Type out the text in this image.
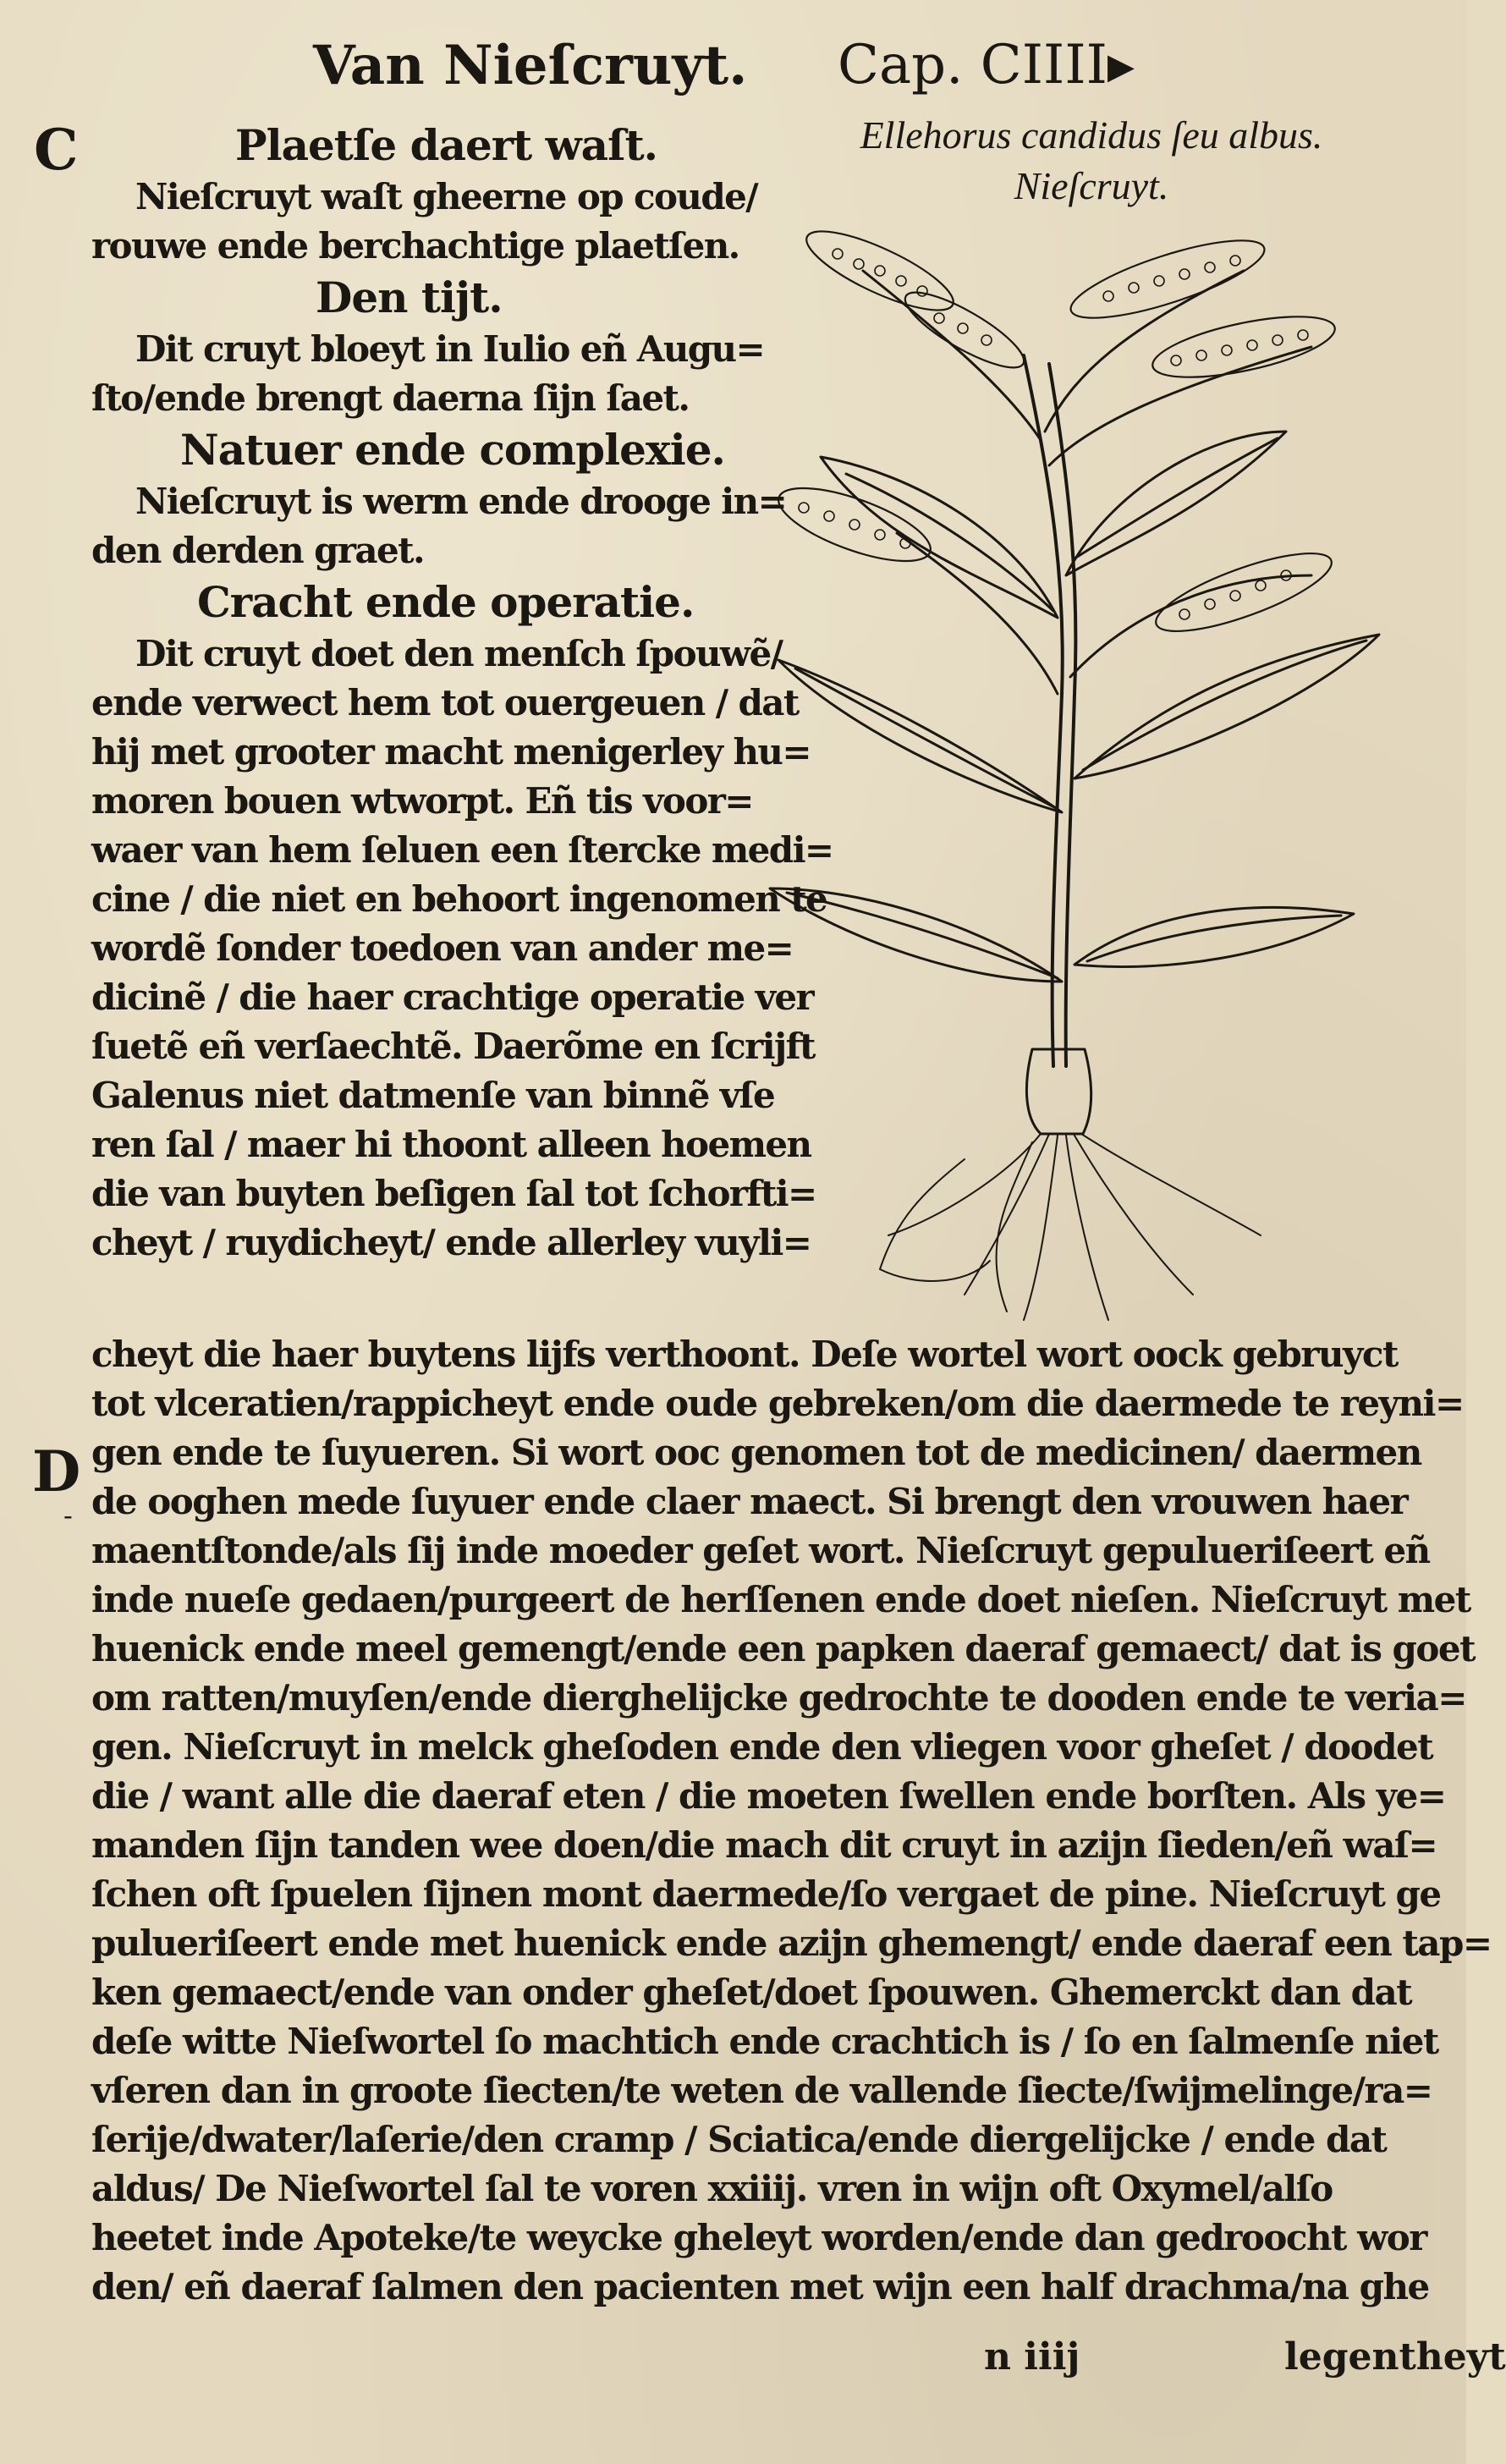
Van Nieſcruyt. Cap. CIIII▸
C
D
-
Ellehorus candidus ſeu albus.
Nieſcruyt.
Plaetſe daert waſt.
Nieſcruyt waſt gheerne op coude/
rouwe ende berchachtige plaetſen.
Den tijt.
Dit cruyt bloeyt in Iulio eñ Augu=
ſto/ende brengt daerna ſijn ſaet.
Natuer ende complexie.
Nieſcruyt is werm ende drooge in=
den derden graet.
Cracht ende operatie.
Dit cruyt doet den menſch ſpouwẽ/
ende verwect hem tot ouergeuen / dat
hij met grooter macht menigerley hu=
moren bouen wtworpt. Eñ tis voor=
waer van hem ſeluen een ſtercke medi=
cine / die niet en behoort ingenomen te
wordẽ ſonder toedoen van ander me=
dicinẽ / die haer crachtige operatie ver
ſuetẽ eñ verſaechtẽ. Daerõme en ſcrijft
Galenus niet datmenſe van binnẽ vſe
ren ſal / maer hi thoont alleen hoemen
die van buyten beſigen ſal tot ſchorfti=
cheyt / ruydicheyt/ ende allerley vuyli=
cheyt die haer buytens lijfs verthoont. Deſe wortel wort oock gebruyct
tot vlceratien/rappicheyt ende oude gebreken/om die daermede te reyni=
gen ende te ſuyueren. Si wort ooc genomen tot de medicinen/ daermen
de ooghen mede ſuyuer ende claer maect. Si brengt den vrouwen haer
maentſtonde/als ſij inde moeder geſet wort. Nieſcruyt gepulueriſeert eñ
inde nueſe gedaen/purgeert de herſſenen ende doet nieſen. Nieſcruyt met
huenick ende meel gemengt/ende een papken daeraf gemaect/ dat is goet
om ratten/muyſen/ende dierghelijcke gedrochte te dooden ende te veria=
gen. Nieſcruyt in melck gheſoden ende den vliegen voor gheſet / doodet
die / want alle die daeraf eten / die moeten ſwellen ende borſten. Als ye=
manden ſijn tanden wee doen/die mach dit cruyt in azijn ſieden/eñ waſ=
ſchen oft ſpuelen ſijnen mont daermede/ſo vergaet de pine. Nieſcruyt ge
pulueriſeert ende met huenick ende azijn ghemengt/ ende daeraf een tap=
ken gemaect/ende van onder gheſet/doet ſpouwen. Ghemerckt dan dat
deſe witte Nieſwortel ſo machtich ende crachtich is / ſo en ſalmenſe niet
vſeren dan in groote ſiecten/te weten de vallende ſiecte/ſwijmelinge/ra=
ſerije/dwater/laſerie/den cramp / Sciatica/ende diergelijcke / ende dat
aldus/ De Nieſwortel ſal te voren xxiiij. vren in wijn oft Oxymel/alſo
heetet inde Apoteke/te weycke gheleyt worden/ende dan gedroocht wor
den/ eñ daeraf ſalmen den pacienten met wijn een half drachma/na ghe
n iiij	legentheyt
